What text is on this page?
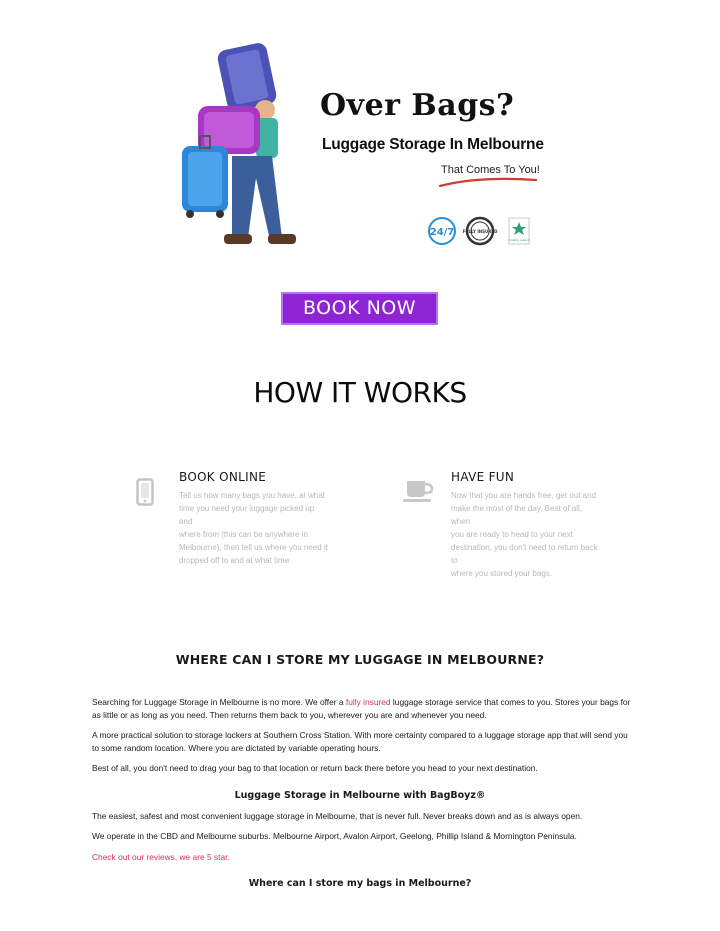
Over Bags?
Luggage Storage In Melbourne
That Comes To You!
24/7 FULLY INSURED
Quality Award
BOOK NOW
HOW IT WORKS
BOOK ONLINE
Tell us how many bags you have, at what
time you need your luggage picked up and
where from (this can be anywhere in
Melbourne), then tell us where you need it
dropped off to and at what time
HAVE FUN
Now that you are hands free, get out and
make the most of the day. Best of all, when
you are ready to head to your next
destination, you don't need to return back to
where you stored your bags.
WHERE CAN I STORE MY LUGGAGE IN MELBOURNE?
Searching for Luggage Storage in Melbourne is no more. We offer a fully insured luggage storage service that comes to you. Stores your bags for as little or as long as you need. Then returns them back to you, wherever you are and whenever you need.
A more practical solution to storage lockers at Southern Cross Station. With more certainty compared to a luggage storage app that will send you to some random location. Where you are dictated by variable operating hours.
Best of all, you don't need to drag your bag to that location or return back there before you head to your next destination.
Luggage Storage in Melbourne with BagBoyz®
The easiest, safest and most convenient luggage storage in Melbourne, that is never full. Never breaks down and as is always open.
We operate in the CBD and Melbourne suburbs. Melbourne Airport, Avalon Airport, Geelong, Phillip Island & Mornington Peninsula.
Check out our reviews, we are 5 star.
Where can I store my bags in Melbourne?
